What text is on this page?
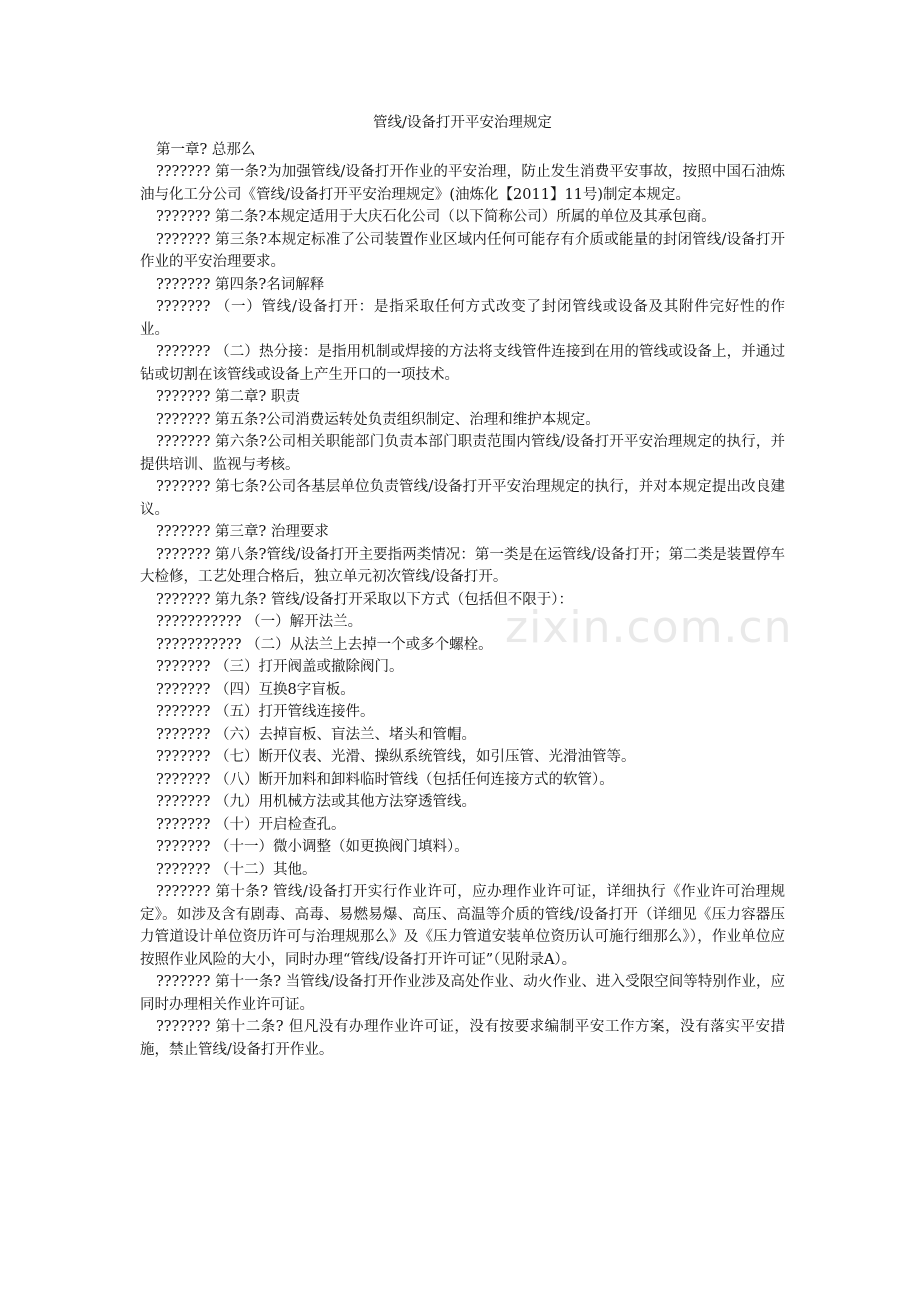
管线/设备打开平安治理规定

第一章? 总那么

??????? 第一条?为加强管线/设备打开作业的平安治理，防止发生消费平安事故，按照中国石油炼油与化工分公司《管线/设备打开平安治理规定》(油炼化【2011】11号)制定本规定。

??????? 第二条?本规定适用于大庆石化公司（以下简称公司）所属的单位及其承包商。

??????? 第三条?本规定标准了公司装置作业区域内任何可能存有介质或能量的封闭管线/设备打开作业的平安治理要求。

??????? 第四条?名词解释

??????? （一）管线/设备打开：是指采取任何方式改变了封闭管线或设备及其附件完好性的作业。

??????? （二）热分接：是指用机制或焊接的方法将支线管件连接到在用的管线或设备上，并通过钻或切割在该管线或设备上产生开口的一项技术。

??????? 第二章? 职责

??????? 第五条?公司消费运转处负责组织制定、治理和维护本规定。

??????? 第六条?公司相关职能部门负责本部门职责范围内管线/设备打开平安治理规定的执行，并提供培训、监视与考核。

??????? 第七条?公司各基层单位负责管线/设备打开平安治理规定的执行，并对本规定提出改良建议。

??????? 第三章? 治理要求

??????? 第八条?管线/设备打开主要指两类情况：第一类是在运管线/设备打开；第二类是装置停车大检修，工艺处理合格后，独立单元初次管线/设备打开。

??????? 第九条? 管线/设备打开采取以下方式（包括但不限于）：

??????????? （一）解开法兰。

??????????? （二）从法兰上去掉一个或多个螺栓。

??????? （三）打开阀盖或撤除阀门。

??????? （四）互换8字盲板。

??????? （五）打开管线连接件。

??????? （六）去掉盲板、盲法兰、堵头和管帽。

??????? （七）断开仪表、光滑、操纵系统管线，如引压管、光滑油管等。

??????? （八）断开加料和卸料临时管线（包括任何连接方式的软管）。

??????? （九）用机械方法或其他方法穿透管线。

??????? （十）开启检查孔。

??????? （十一）微小调整（如更换阀门填料）。

??????? （十二）其他。

??????? 第十条? 管线/设备打开实行作业许可，应办理作业许可证，详细执行《作业许可治理规定》。如涉及含有剧毒、高毒、易燃易爆、高压、高温等介质的管线/设备打开（详细见《压力容器压力管道设计单位资历许可与治理规那么》及《压力管道安装单位资历认可施行细那么》），作业单位应按照作业风险的大小，同时办理“管线/设备打开许可证”（见附录A）。

??????? 第十一条? 当管线/设备打开作业涉及高处作业、动火作业、进入受限空间等特别作业，应同时办理相关作业许可证。

??????? 第十二条? 但凡没有办理作业许可证，没有按要求编制平安工作方案，没有落实平安措施，禁止管线/设备打开作业。

zixin.com.cn
